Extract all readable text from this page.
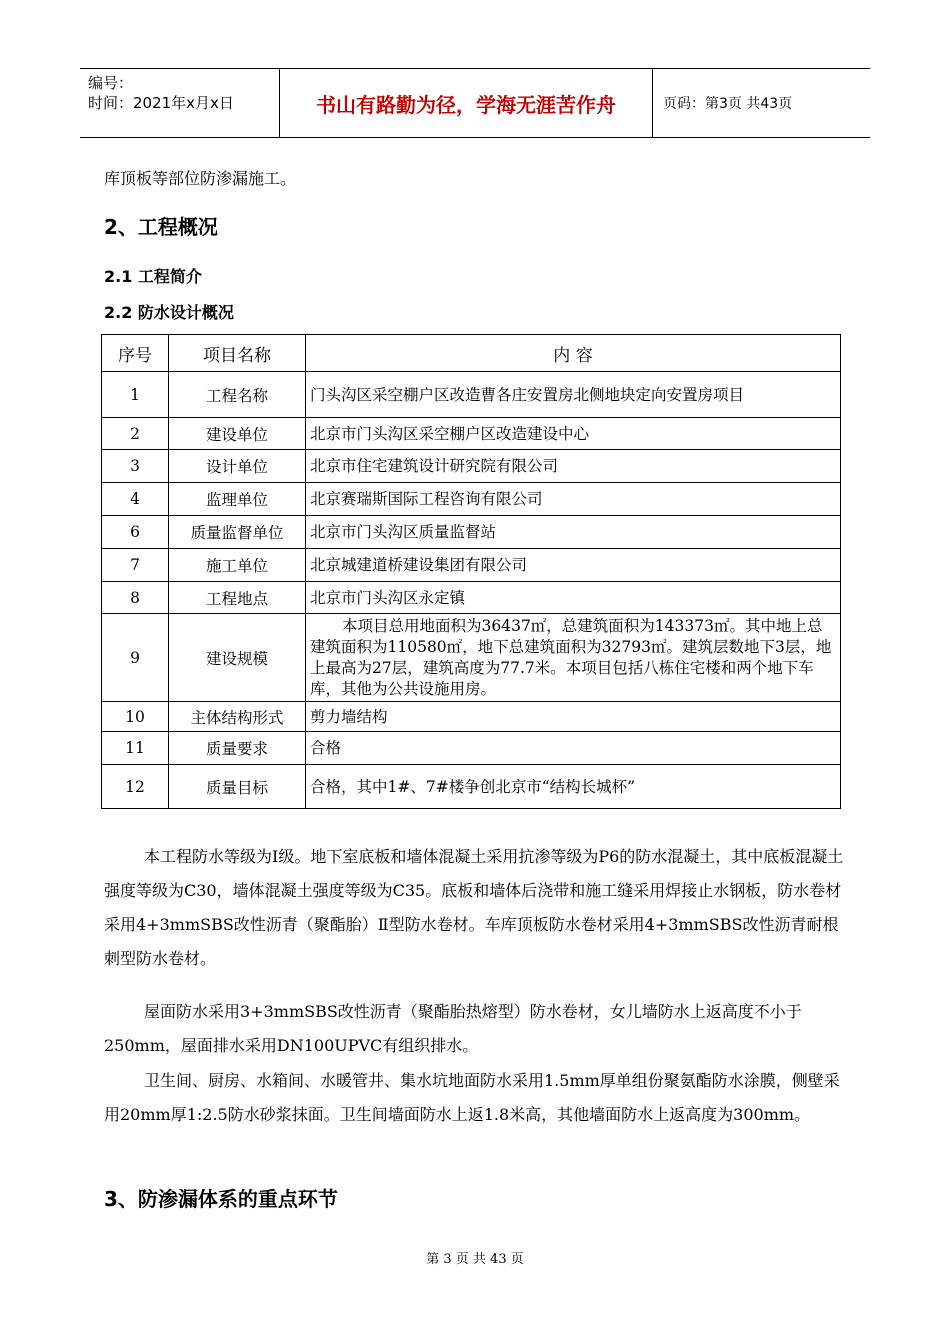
编号：
时间：2021年x月x日	书山有路勤为径，学海无涯苦作舟	页码：第3页 共43页
库顶板等部位防渗漏施工。
2、工程概况
2.1 工程简介
2.2 防水设计概况
序号	项目名称	内 容
1	工程名称	门头沟区采空棚户区改造曹各庄安置房北侧地块定向安置房项目
2	建设单位	北京市门头沟区采空棚户区改造建设中心
3	设计单位	北京市住宅建筑设计研究院有限公司
4	监理单位	北京赛瑞斯国际工程咨询有限公司
6	质量监督单位	北京市门头沟区质量监督站
7	施工单位	北京城建道桥建设集团有限公司
8	工程地点	北京市门头沟区永定镇
9	建设规模	本项目总用地面积为36437㎡，总建筑面积为143373㎡。其中地上总建筑面积为110580㎡，地下总建筑面积为32793㎡。建筑层数地下3层，地上最高为27层，建筑高度为77.7米。本项目包括八栋住宅楼和两个地下车库，其他为公共设施用房。
10	主体结构形式	剪力墙结构
11	质量要求	合格
12	质量目标	合格，其中1#、7#楼争创北京市“结构长城杯”
本工程防水等级为Ⅰ级。地下室底板和墙体混凝土采用抗渗等级为P6的防水混凝土，其中底板混凝土强度等级为C30，墙体混凝土强度等级为C35。底板和墙体后浇带和施工缝采用焊接止水钢板，防水卷材采用4+3mmSBS改性沥青（聚酯胎）Ⅱ型防水卷材。车库顶板防水卷材采用4+3mmSBS改性沥青耐根刺型防水卷材。
屋面防水采用3+3mmSBS改性沥青（聚酯胎热熔型）防水卷材，女儿墙防水上返高度不小于250mm，屋面排水采用DN100UPVC有组织排水。
卫生间、厨房、水箱间、水暖管井、集水坑地面防水采用1.5mm厚单组份聚氨酯防水涂膜，侧壁采用20mm厚1:2.5防水砂浆抹面。卫生间墙面防水上返1.8米高，其他墙面防水上返高度为300mm。
3、防渗漏体系的重点环节
第 3 页 共 43 页
